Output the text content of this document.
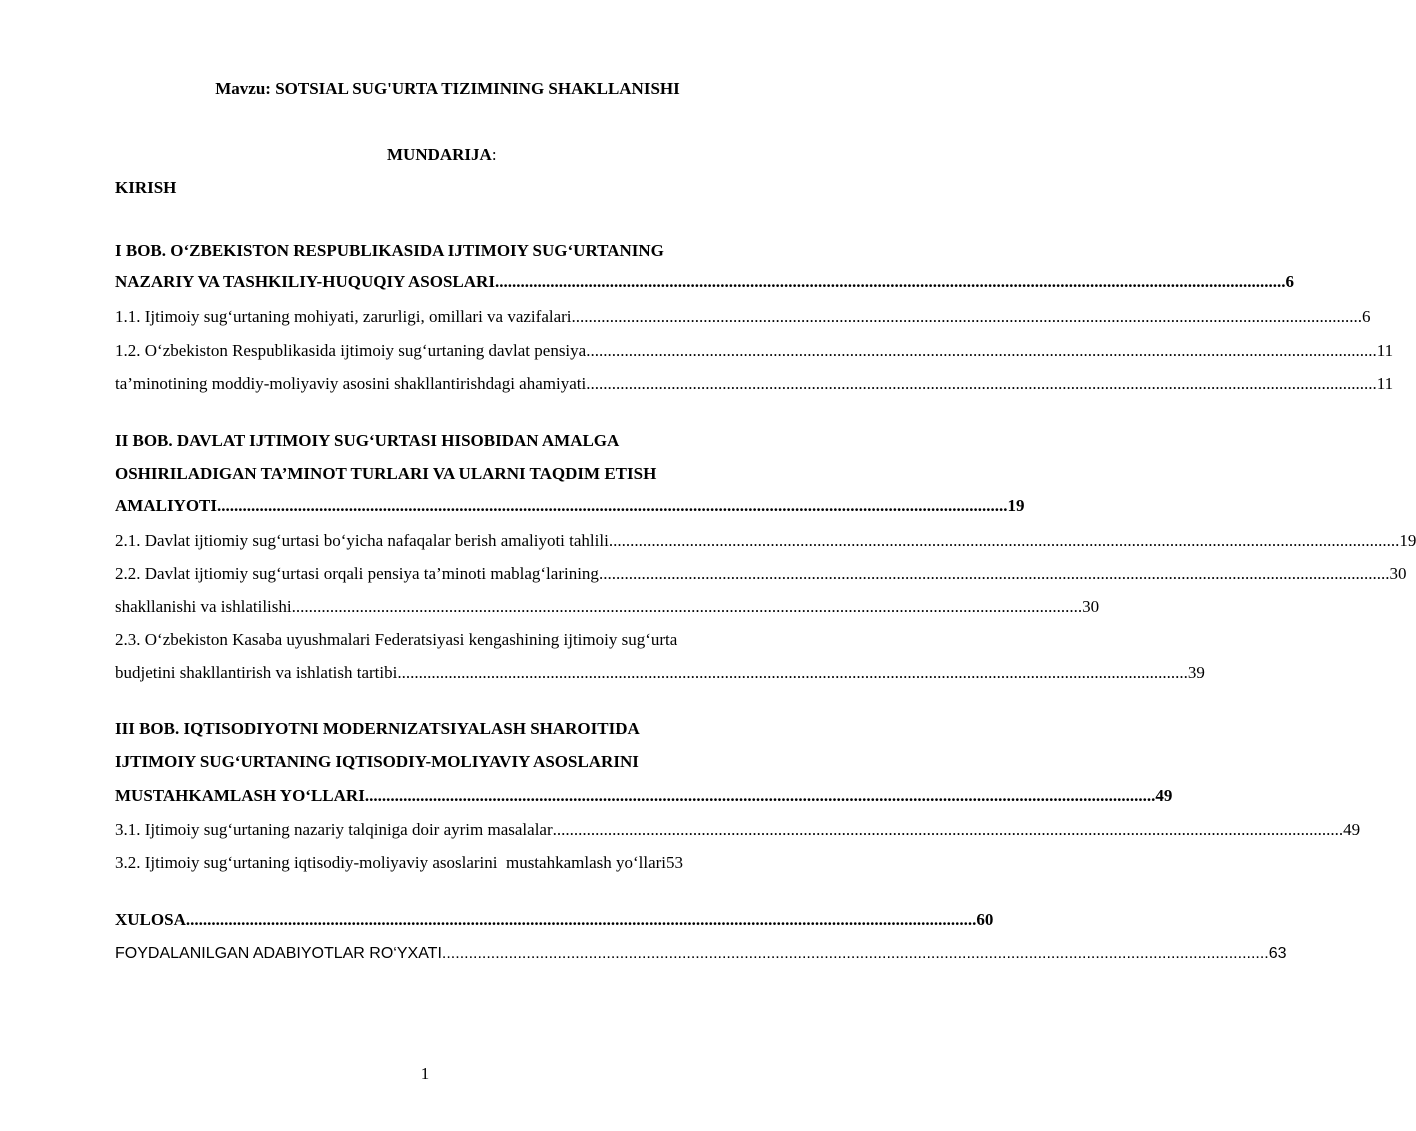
Mavzu: SOTSIAL SUG'URTA TIZIMINING SHAKLLANISHI
MUNDARIJA:
KIRISH
I BOB. O‘ZBEKISTON RESPUBLIKASIDA IJTIMOIY SUG‘URTANING
NAZARIY VA TASHKILIY-HUQUQIY ASOSLARI .......................................................................................................................................................................................... 6
1.1. Ijtimoiy sug‘urtaning mohiyati, zarurligi, omillari va vazifalari .......................................................................................................................................................................................... 6
1.2. O‘zbekiston Respublikasida ijtimoiy sug‘urtaning davlat pensiya .......................................................................................................................................................................................... 11
ta’minotining moddiy-moliyaviy asosini shakllantirishdagi ahamiyati .......................................................................................................................................................................................... 11
II BOB. DAVLAT IJTIMOIY SUG‘URTASI HISOBIDAN AMALGA
OSHIRILADIGAN TA’MINOT TURLARI VA ULARNI TAQDIM ETISH
AMALIYOTI .......................................................................................................................................................................................... 19
2.1. Davlat ijtiomiy sug‘urtasi bo‘yicha nafaqalar berish amaliyoti tahlili .......................................................................................................................................................................................... 19
2.2. Davlat ijtiomiy sug‘urtasi orqali pensiya ta’minoti mablag‘larining .......................................................................................................................................................................................... 30
shakllanishi va ishlatilishi .......................................................................................................................................................................................... 30
2.3. O‘zbekiston Kasaba uyushmalari Federatsiyasi kengashining ijtimoiy sug‘urta
budjetini shakllantirish va ishlatish tartibi .......................................................................................................................................................................................... 39
III BOB. IQTISODIYOTNI MODERNIZATSIYALASH SHAROITIDA
IJTIMOIY SUG‘URTANING IQTISODIY-MOLIYAVIY ASOSLARINI
MUSTAHKAMLASH YO‘LLARI .......................................................................................................................................................................................... 49
3.1. Ijtimoiy sug‘urtaning nazariy talqiniga doir ayrim masalalar .......................................................................................................................................................................................... 49
3.2. Ijtimoiy sug‘urtaning iqtisodiy-moliyaviy asoslarini  mustahkamlash yo‘llari53
XULOSA .......................................................................................................................................................................................... 60
FOYDALANILGAN ADABIYOTLAR RO‘YXATI .......................................................................................................................................................................................... 63
1
